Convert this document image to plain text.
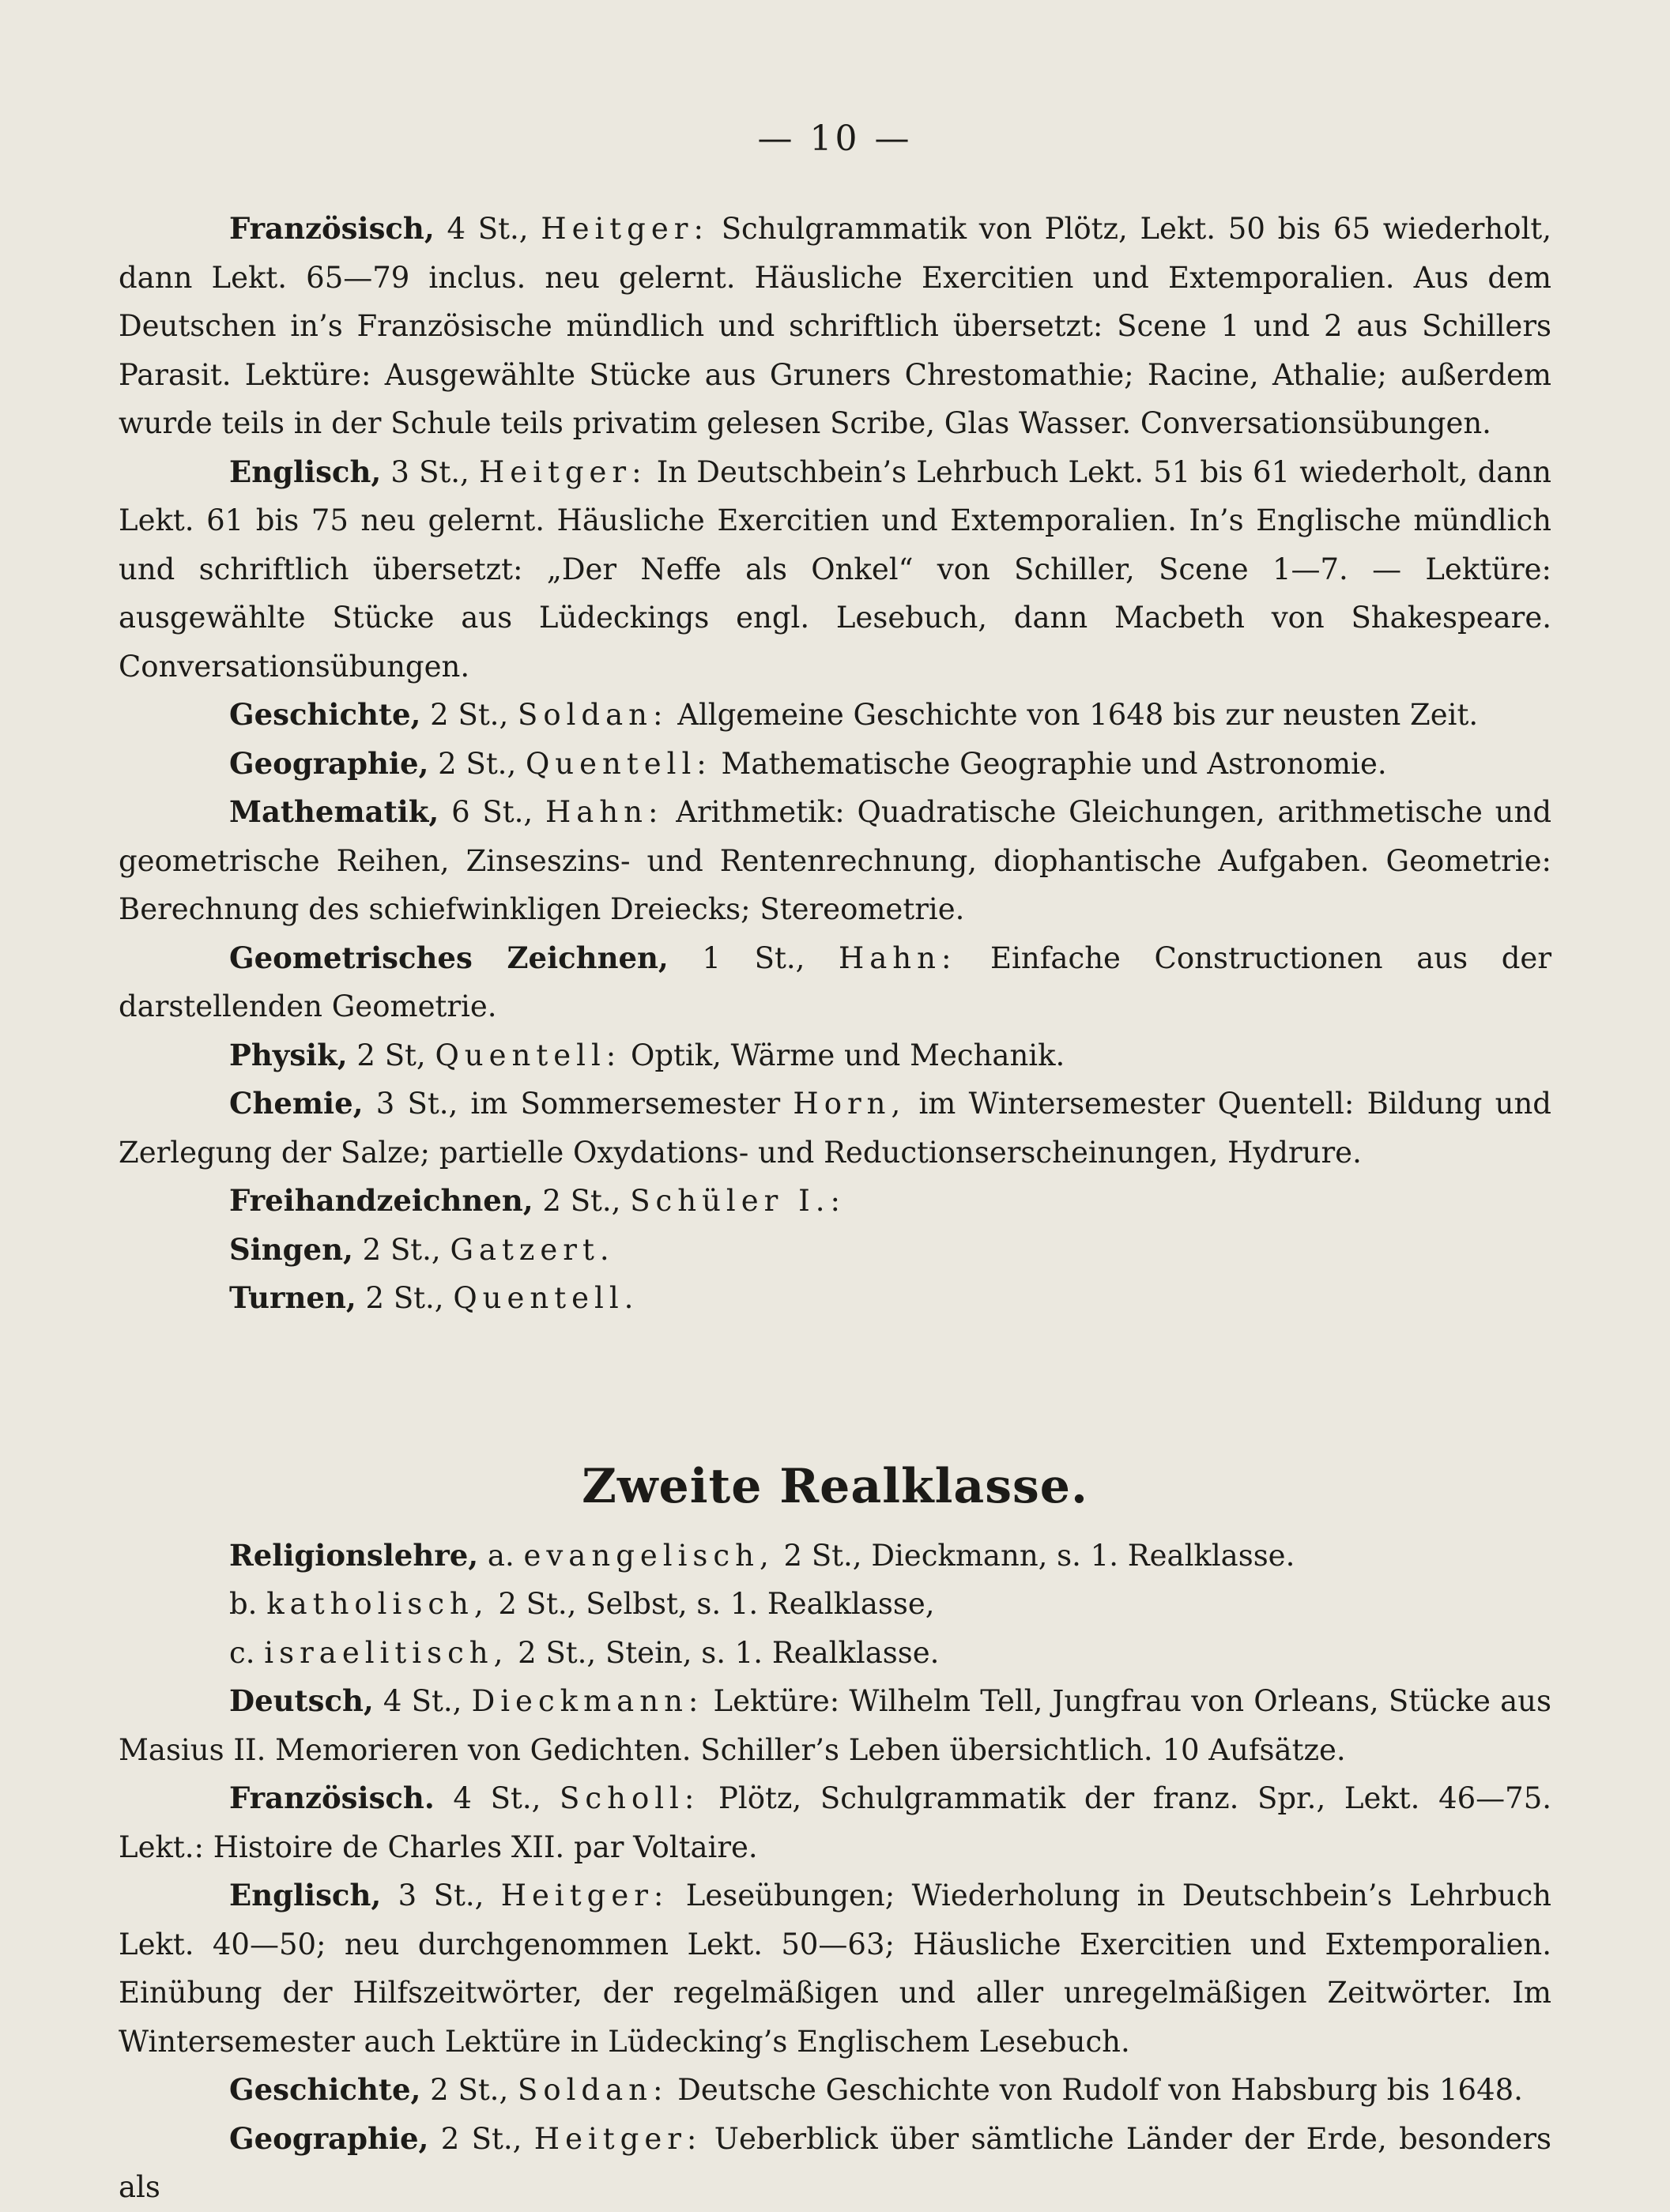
— 10 —

Französisch, 4 St., Heitger: Schulgrammatik von Plötz, Lekt. 50 bis 65 wiederholt, dann Lekt. 65—79 inclus. neu gelernt. Häusliche Exercitien und Extemporalien. Aus dem Deutschen in’s Französische mündlich und schriftlich übersetzt: Scene 1 und 2 aus Schillers Parasit. Lektüre: Ausgewählte Stücke aus Gruners Chrestomathie; Racine, Athalie; außerdem wurde teils in der Schule teils privatim gelesen Scribe, Glas Wasser. Conversationsübungen.

Englisch, 3 St., Heitger: In Deutschbein’s Lehrbuch Lekt. 51 bis 61 wiederholt, dann Lekt. 61 bis 75 neu gelernt. Häusliche Exercitien und Extemporalien. In’s Englische mündlich und schriftlich übersetzt: „Der Neffe als Onkel“ von Schiller, Scene 1—7. — Lektüre: ausgewählte Stücke aus Lüdeckings engl. Lesebuch, dann Macbeth von Shakespeare. Conversationsübungen.

Geschichte, 2 St., Soldan: Allgemeine Geschichte von 1648 bis zur neusten Zeit.

Geographie, 2 St., Quentell: Mathematische Geographie und Astronomie.

Mathematik, 6 St., Hahn: Arithmetik: Quadratische Gleichungen, arithmetische und geometrische Reihen, Zinseszins- und Rentenrechnung, diophantische Aufgaben. Geometrie: Berechnung des schiefwinkligen Dreiecks; Stereometrie.

Geometrisches Zeichnen, 1 St., Hahn: Einfache Constructionen aus der darstellenden Geometrie.

Physik, 2 St, Quentell: Optik, Wärme und Mechanik.

Chemie, 3 St., im Sommersemester Horn, im Wintersemester Quentell: Bildung und Zerlegung der Salze; partielle Oxydations- und Reductionserscheinungen, Hydrure.

Freihandzeichnen, 2 St., Schüler I.:

Singen, 2 St., Gatzert.

Turnen, 2 St., Quentell.

Zweite Realklasse.

Religionslehre, a. evangelisch, 2 St., Dieckmann, s. 1. Realklasse.

b. katholisch, 2 St., Selbst, s. 1. Realklasse,

c. israelitisch, 2 St., Stein, s. 1. Realklasse.

Deutsch, 4 St., Dieckmann: Lektüre: Wilhelm Tell, Jungfrau von Orleans, Stücke aus Masius II. Memorieren von Gedichten. Schiller’s Leben übersichtlich. 10 Aufsätze.

Französisch. 4 St., Scholl: Plötz, Schulgrammatik der franz. Spr., Lekt. 46—75. Lekt.: Histoire de Charles XII. par Voltaire.

Englisch, 3 St., Heitger: Leseübungen; Wiederholung in Deutschbein’s Lehrbuch Lekt. 40—50; neu durchgenommen Lekt. 50—63; Häusliche Exercitien und Extemporalien. Einübung der Hilfszeitwörter, der regelmäßigen und aller unregelmäßigen Zeitwörter. Im Wintersemester auch Lektüre in Lüdecking’s Englischem Lesebuch.

Geschichte, 2 St., Soldan: Deutsche Geschichte von Rudolf von Habsburg bis 1648.

Geographie, 2 St., Heitger: Ueberblick über sämtliche Länder der Erde, besonders als
